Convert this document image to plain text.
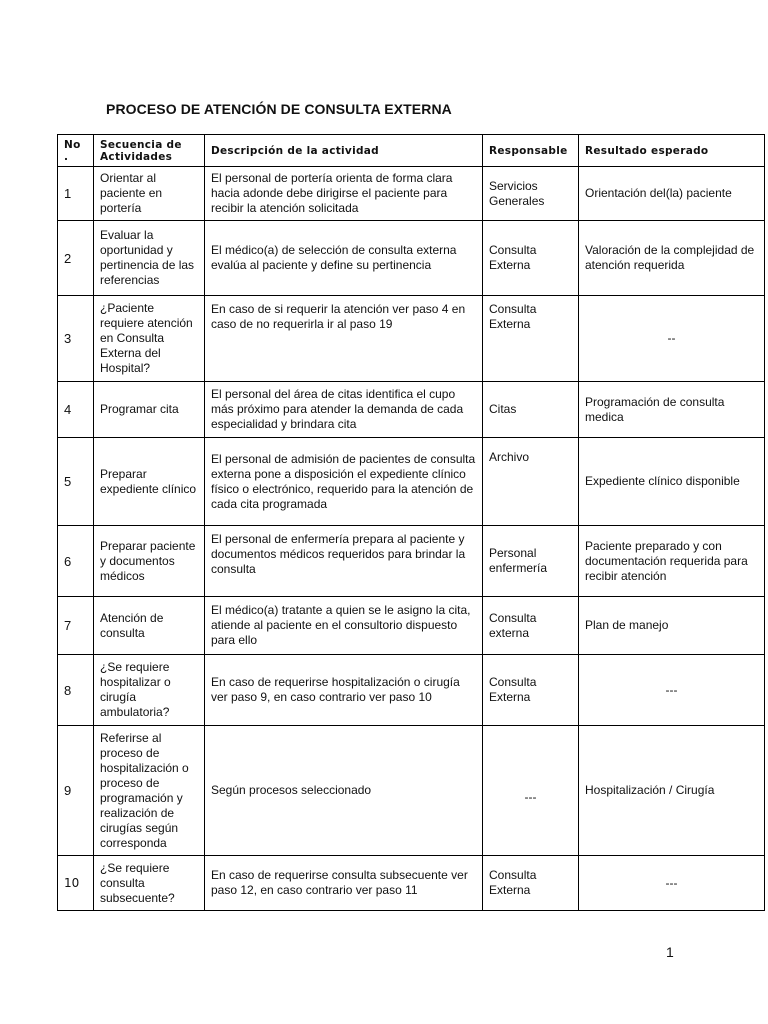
PROCESO DE ATENCIÓN DE CONSULTA EXTERNA
No .	Secuencia de Actividades	Descripción de la actividad	Responsable	Resultado esperado
1	Orientar al paciente en portería	El personal de portería orienta de forma clara hacia adonde debe dirigirse el paciente para recibir la atención solicitada	Servicios Generales	Orientación del(la) paciente
2	Evaluar la oportunidad y pertinencia de las referencias	El médico(a) de selección de consulta externa evalúa al paciente y define su pertinencia	Consulta Externa	Valoración de la complejidad de atención requerida
3	¿Paciente requiere atención en Consulta Externa del Hospital?	En caso de si requerir la atención ver paso 4 en caso de no requerirla ir al paso 19	Consulta Externa	--
4	Programar cita	El personal del área de citas identifica el cupo más próximo para atender la demanda de cada especialidad y brindara cita	Citas	Programación de consulta medica
5	Preparar expediente clínico	El personal de admisión de pacientes de consulta externa pone a disposición el expediente clínico físico o electrónico, requerido para la atención de cada cita programada	Archivo	Expediente clínico disponible
6	Preparar paciente y documentos médicos	El personal de enfermería prepara al paciente y documentos médicos requeridos para brindar la consulta	Personal enfermería	Paciente preparado y con documentación requerida para recibir atención
7	Atención de consulta	El médico(a) tratante a quien se le asigno la cita, atiende al paciente en el consultorio dispuesto para ello	Consulta externa	Plan de manejo
8	¿Se requiere hospitalizar o cirugía ambulatoria?	En caso de requerirse hospitalización o cirugía ver paso 9, en caso contrario ver paso 10	Consulta Externa	---
9	Referirse al proceso de hospitalización o proceso de programación y realización de cirugías según corresponda	Según procesos seleccionado	---	Hospitalización / Cirugía
10	¿Se requiere consulta subsecuente?	En caso de requerirse consulta subsecuente ver paso 12, en caso contrario ver paso 11	Consulta Externa	---
1
